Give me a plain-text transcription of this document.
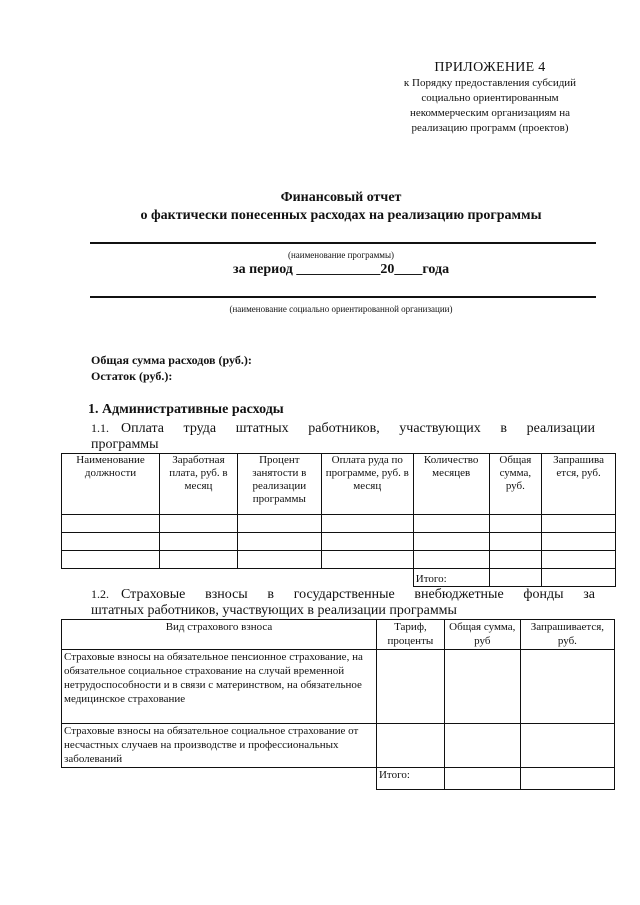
ПРИЛОЖЕНИЕ 4
к Порядку предоставления субсидий
социально ориентированным
некоммерческим организациям на
реализацию программ (проектов)
Финансовый отчет
о фактически понесенных расходах на реализацию программы
(наименование программы)
за период ____________20____года
(наименование социально ориентированной организации)
Общая сумма расходов (руб.):
Остаток (руб.):
1. Административные расходы
1.1. Оплата труда штатных работников, участвующих в реализации
программы
Наименование должности	Заработная плата, руб. в месяц	Процент занятости в реализации программы	Оплата руда по программе, руб. в месяц	Количество месяцев	Общая сумма, руб.	Запрашива ется, руб.

				Итого:		
1.2. Страховые взносы в государственные внебюджетные фонды за
штатных работников, участвующих в реализации программы
Вид страхового взноса	Тариф, проценты	Общая сумма, руб	Запрашивается, руб.
Страховые взносы на обязательное пенсионное страхование, на обязательное социальное страхование на случай временной нетрудоспособности и в связи с материнством, на обязательное медицинское страхование			
Страховые взносы на обязательное социальное страхование от несчастных случаев на производстве и профессиональных заболеваний			
	Итого:		
